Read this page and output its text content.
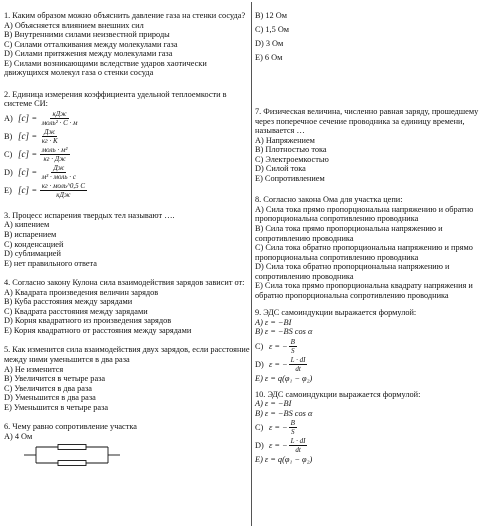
1. Каким образом можно объяснить давление газа на стенки сосуда?

A) Объясняется влиянием внешних сил

B) Внутренними силами неизвестной природы

C) Силами отталкивания между молекулами газа

D) Силами притяжения между молекулами газа

E) Силами возникающими вследствие ударов хаотически движущихся молекул газа о стенки сосуда

2. Единица измерения коэффициента удельной теплоемкости в системе СИ:

A) $[c] = \frac{\text{кДж}}{\text{моль² · С · м}}$
B) $[c] = \frac{Дж}{кг \cdot К}$
C) $[c] = \frac{\text{моль · м²}}{кг \cdot Дж}$
D) $[c] = \frac{Дж}{\text{м³ · моль · с}}$
E) $[c] = \frac{\text{кг · моль\textasciicircum{}0,5 С}}{\text{кДж}}$

3. Процесс испарения твердых тел называют ….

A) кипением

B) испарением

C) конденсацией

D) сублимацией

E) нет правильного ответа

4. Согласно закону Кулона сила взаимодействия зарядов зависит от:

A) Квадрата произведения величин зарядов

B) Куба расстояния между зарядами

C) Квадрата расстояния между зарядами

D) Корня квадратного из произведения зарядов

E) Корня квадратного от расстояния между зарядами

5. Как изменится сила взаимодействия двух зарядов, если расстояние между ними уменьшится в два раза

A) Не изменится

B) Увеличится в четыре раза

C) Увеличится в два раза

D) Уменьшится в два раза

E) Уменьшится в четыре раза

6. Чему равно сопротивление участка

A) 4 Ом

B) 12 Ом

C) 1,5 Ом

D) 3 Ом

E) 6 Ом

7. Физическая величина, численно равная заряду, прошедшему через поперечное сечение проводника за единицу времени, называется …

A) Напряжением

B) Плотностью тока

C) Электроемкостью

D) Силой тока

E) Сопротивлением

8. Согласно закона Ома для участка цепи:

A) Сила тока прямо пропорциональна напряжению и обратно пропорциональна сопротивлению проводника

B) Сила тока прямо пропорциональна напряжению и сопротивлению проводника

C) Сила тока обратно пропорциональна напряжению и прямо пропорциональна сопротивлению проводника

D) Сила тока обратно пропорциональна напряжению и сопротивлению проводника

E) Сила тока прямо пропорциональна квадрату напряжения и обратно пропорциональна сопротивлению проводника

9. ЭДС самоиндукции выражается формулой:

A) ε = −BI

B) ε = −BS cos α

C) ε = − $\frac{B}{S}$
D) ε = − $\frac{L \cdot dI}{dt}$

E) ε = q(φ₁ − φ₂)

10. ЭДС самоиндукции выражается формулой:

A) ε = −BI

B) ε = −BS cos α

C) ε = − $\frac{B}{S}$
D) ε = − $\frac{L \cdot dI}{dt}$

E) ε = q(φ₁ − φ₂)
